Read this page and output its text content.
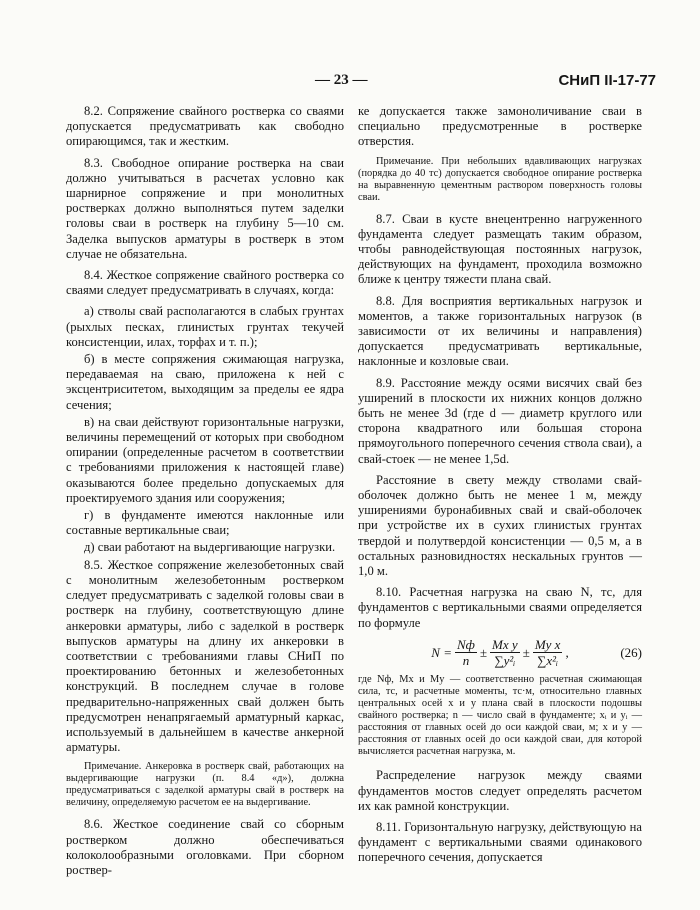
— 23 —	СНиП II-17-77

8.2. Сопряжение свайного ростверка со сваями допускается предусматривать как свободно опирающимся, так и жестким.

8.3. Свободное опирание ростверка на сваи должно учитываться в расчетах условно как шарнирное сопряжение и при монолитных ростверках должно выполняться путем заделки головы сваи в ростверк на глубину 5—10 см. Заделка выпусков арматуры в ростверк в этом случае не обязательна.

8.4. Жесткое сопряжение свайного ростверка со сваями следует предусматривать в случаях, когда:

а) стволы свай располагаются в слабых грунтах (рыхлых песках, глинистых грунтах текучей консистенции, илах, торфах и т. п.);

б) в месте сопряжения сжимающая нагрузка, передаваемая на сваю, приложена к ней с эксцентриситетом, выходящим за пределы ее ядра сечения;

в) на сваи действуют горизонтальные нагрузки, величины перемещений от которых при свободном опирании (определенные расчетом в соответствии с требованиями приложения к настоящей главе) оказываются более предельно допускаемых для проектируемого здания или сооружения;

г) в фундаменте имеются наклонные или составные вертикальные сваи;

д) сваи работают на выдергивающие нагрузки.

8.5. Жесткое сопряжение железобетонных свай с монолитным железобетонным ростверком следует предусматривать с заделкой головы сваи в ростверк на глубину, соответствующую длине анкеровки арматуры, либо с заделкой в ростверк выпусков арматуры на длину их анкеровки в соответствии с требованиями главы СНиП по проектированию бетонных и железобетонных конструкций. В последнем случае в голове предварительно-напряженных свай должен быть предусмотрен ненапрягаемый арматурный каркас, используемый в дальнейшем в качестве анкерной арматуры.

Примечание. Анкеровка в ростверк свай, работающих на выдергивающие нагрузки (п. 8.4 «д»), должна предусматриваться с заделкой арматуры свай в ростверк на величину, определяемую расчетом ее на выдергивание.

8.6. Жесткое соединение свай со сборным ростверком должно обеспечиваться колоколообразными оголовками. При сборном роствер-

ке допускается также замоноличивание сваи в специально предусмотренные в ростверке отверстия.

Примечание. При небольших вдавливающих нагрузках (порядка до 40 тс) допускается свободное опирание ростверка на выравненную цементным раствором поверхность головы сваи.

8.7. Сваи в кусте внецентренно нагруженного фундамента следует размещать таким образом, чтобы равнодействующая постоянных нагрузок, действующих на фундамент, проходила возможно ближе к центру тяжести плана свай.

8.8. Для восприятия вертикальных нагрузок и моментов, а также горизонтальных нагрузок (в зависимости от их величины и направления) допускается предусматривать вертикальные, наклонные и козловые сваи.

8.9. Расстояние между осями висячих свай без уширений в плоскости их нижних концов должно быть не менее 3d (где d — диаметр круглого или сторона квадратного или большая сторона прямоугольного поперечного сечения ствола сваи), а свай-стоек — не менее 1,5d.

Расстояние в свету между стволами свай-оболочек должно быть не менее 1 м, между уширениями буронабивных свай и свай-оболочек при устройстве их в сухих глинистых грунтах твердой и полутвердой консистенции — 0,5 м, а в остальных разновидностях нескальных грунтов — 1,0 м.

8.10. Расчетная нагрузка на сваю N, тс, для фундаментов с вертикальными сваями определяется по формуле

$N = \frac{Nф}{n} \pm \frac{\text{Mx y}}{\text{∑y²ᵢ}} \pm \frac{\text{My x}}{\text{∑x²ᵢ}}$ ,	(26)

где Nф, Mx и My — соответственно расчетная сжимающая сила, тс, и расчетные моменты, тс·м, относительно главных центральных осей x и y плана свай в плоскости подошвы свайного ростверка; n — число свай в фундаменте; xᵢ и yᵢ — расстояния от главных осей до оси каждой сваи, м; x и y — расстояния от главных осей до оси каждой сваи, для которой вычисляется расчетная нагрузка, м.

Распределение нагрузок между сваями фундаментов мостов следует определять расчетом их как рамной конструкции.

8.11. Горизонтальную нагрузку, действующую на фундамент с вертикальными сваями одинакового поперечного сечения, допускается
